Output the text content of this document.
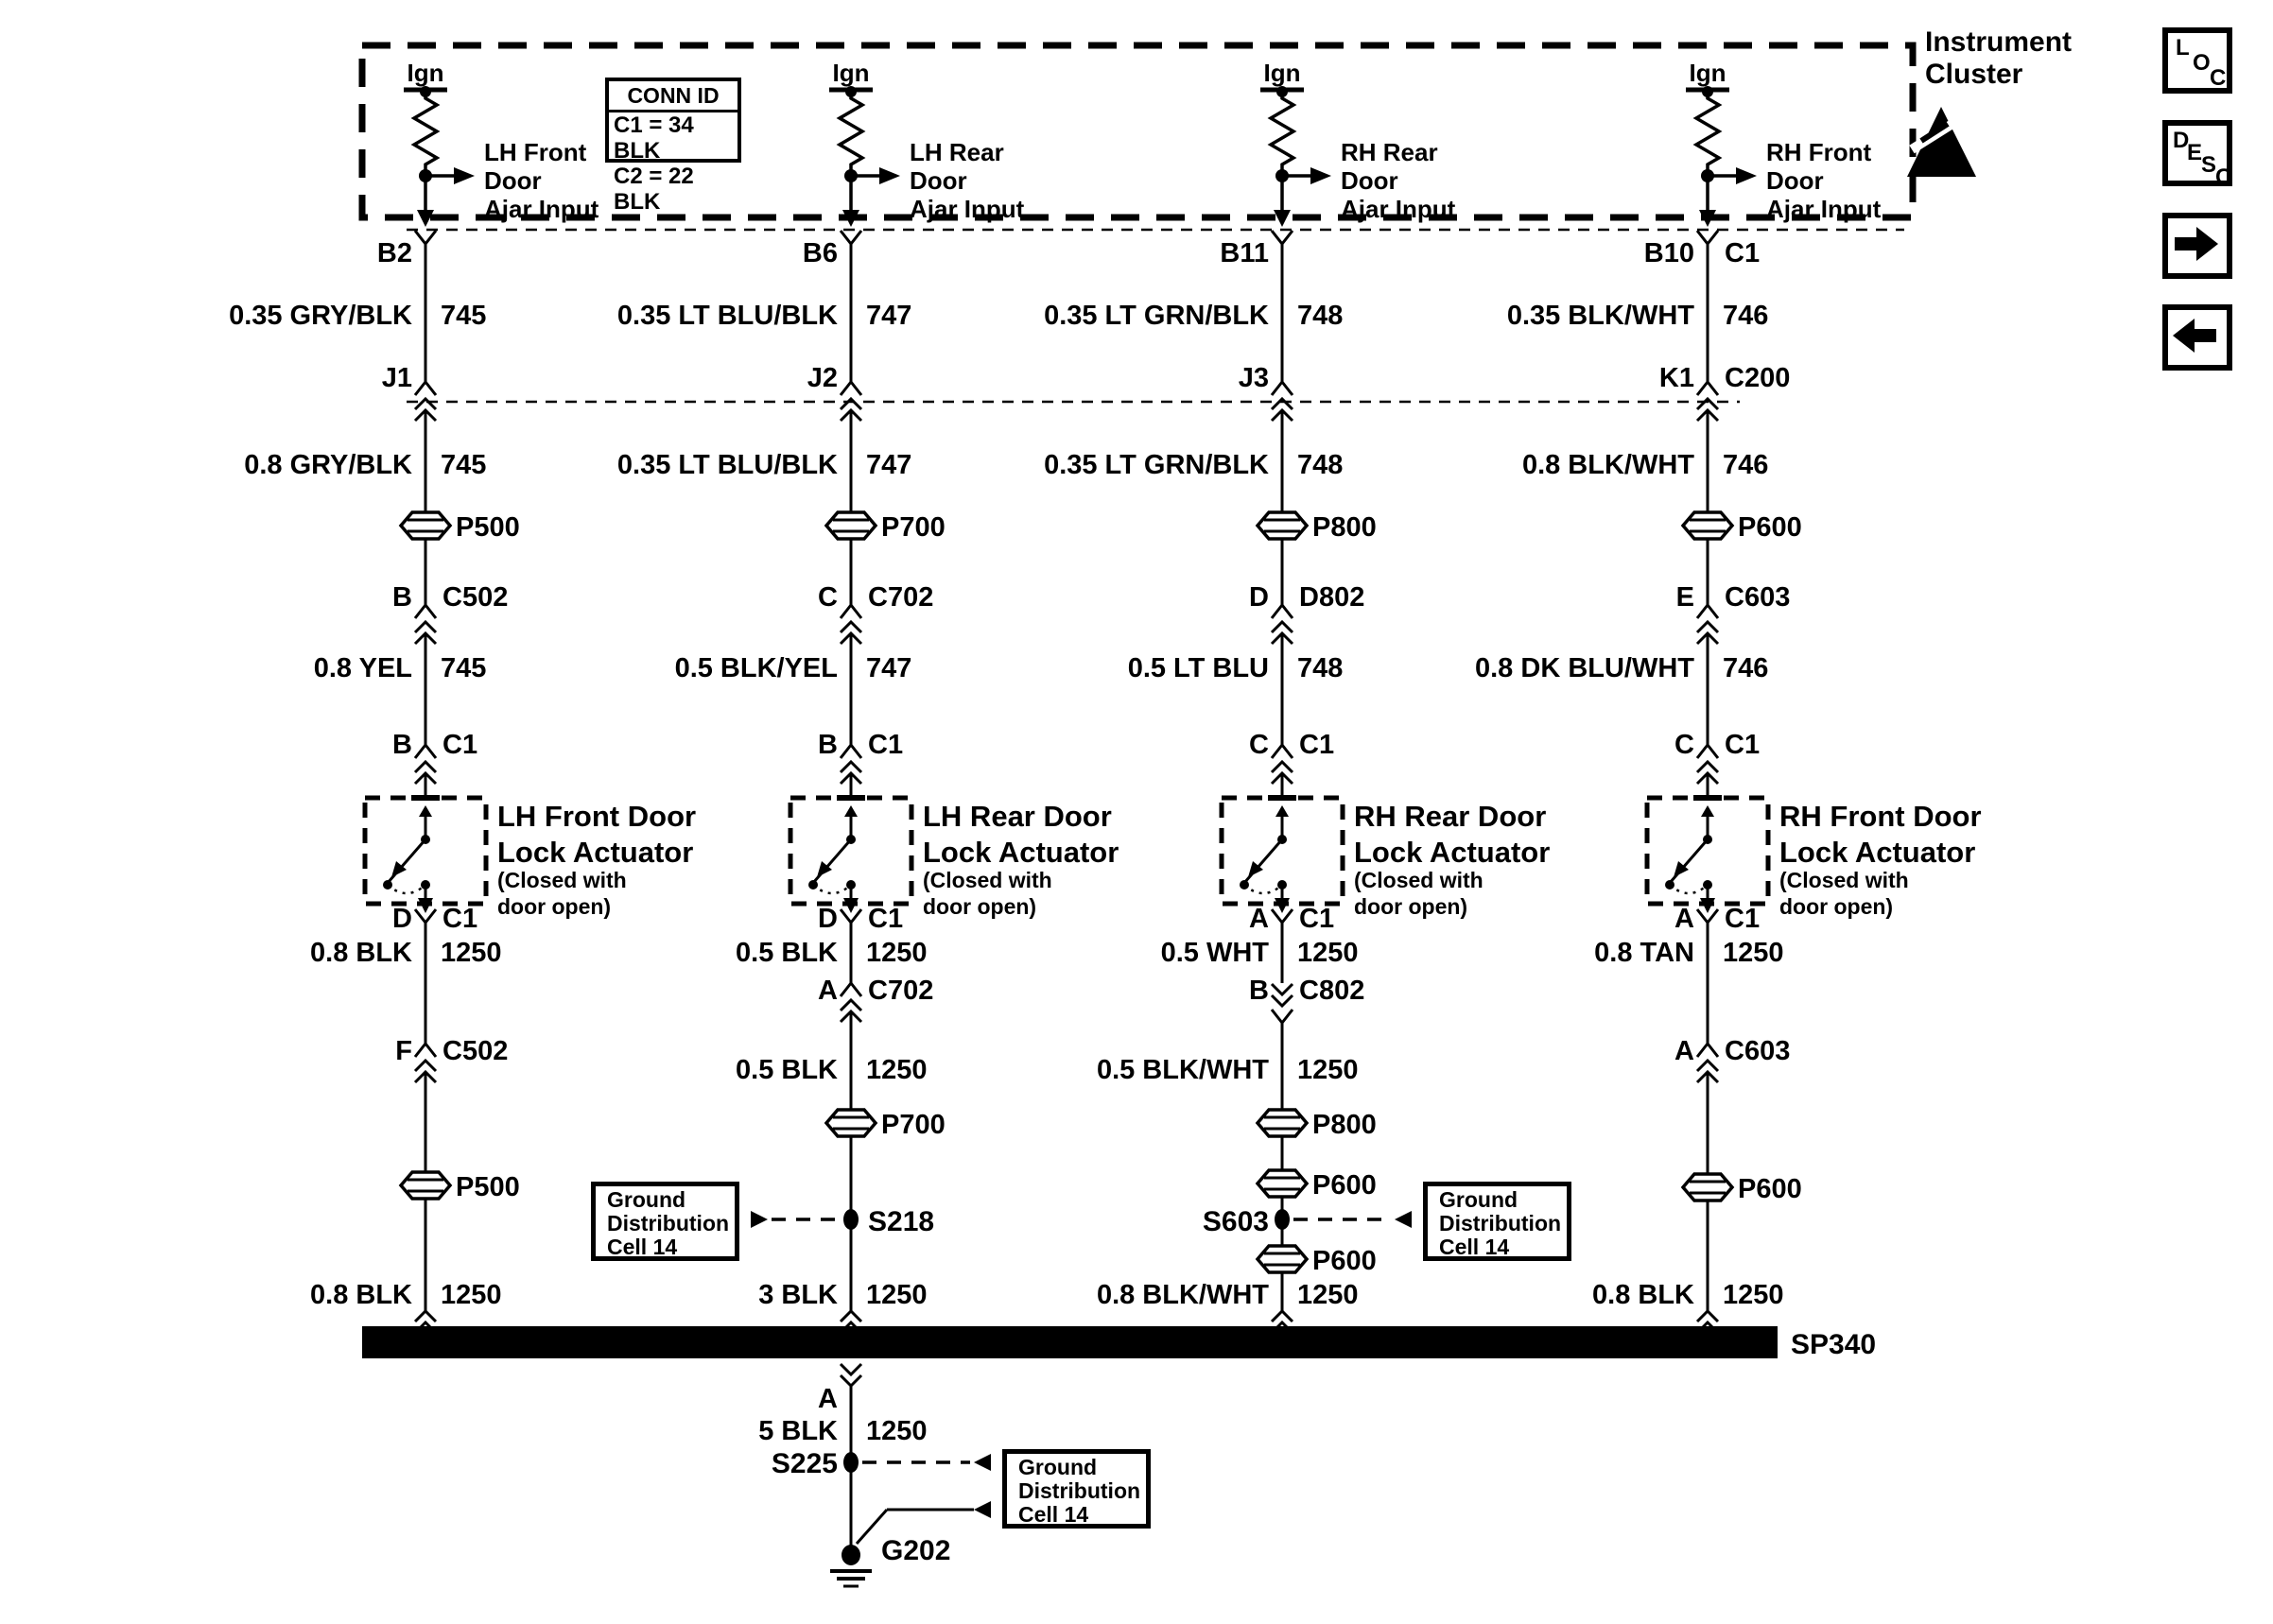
Instrument
Cluster
CONN ID
C1 = 34 BLK
C2 = 22 BLK
Ign
LH Front
Door
Ajar Input
B2
0.35 GRY/BLK 745
J1
0.8 GRY/BLK 745
P500
B C502
0.8 YEL 745
B C1
LH Front Door
Lock Actuator
(Closed with
door open)
D C1
0.8 BLK 1250
F C502
P500
0.8 BLK 1250
Ign
LH Rear
Door
Ajar Input
B6
0.35 LT BLU/BLK 747
J2
0.35 LT BLU/BLK 747
P700
C C702
0.5 BLK/YEL 747
B C1
LH Rear Door
Lock Actuator
(Closed with
door open)
D C1
0.5 BLK 1250
A C702
0.5 BLK 1250
P700
S218
3 BLK 1250
Ign
RH Rear
Door
Ajar Input
B11
0.35 LT GRN/BLK 748
J3
0.35 LT GRN/BLK 748
P800
D D802
0.5 LT BLU 748
C C1
RH Rear Door
Lock Actuator
(Closed with
door open)
A C1
0.5 WHT 1250
B C802
0.5 BLK/WHT 1250
P800
P600
S603
P600
0.8 BLK/WHT 1250
Ign
RH Front
Door
Ajar Input
B10 C1
0.35 BLK/WHT 746
K1 C200
0.8 BLK/WHT 746
P600
E C603
0.8 DK BLU/WHT 746
C C1
RH Front Door
Lock Actuator
(Closed with
door open)
A C1
0.8 TAN 1250
A C603
P600
0.8 BLK 1250
SP340
A
5 BLK 1250
S225
G202
Ground
Distribution
Cell 14
Ground
Distribution
Cell 14
Ground
Distribution
Cell 14
L
O
C
D
E
S
C
